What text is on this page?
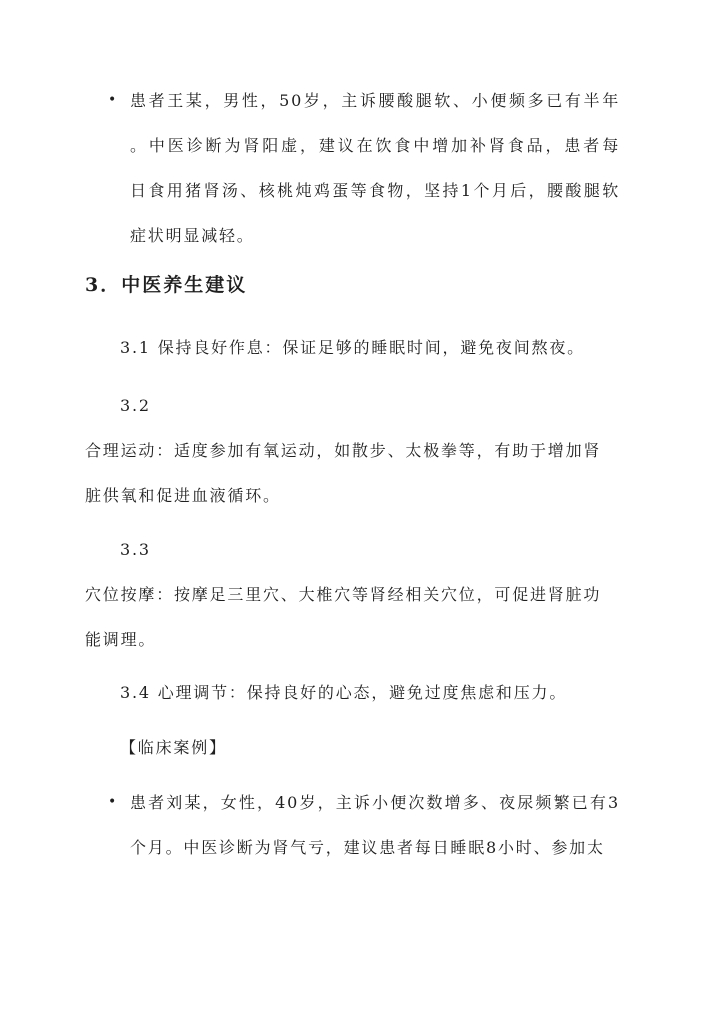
• 患者王某，男性，50岁，主诉腰酸腿软、小便频多已有半年
。中医诊断为肾阳虚，建议在饮食中增加补肾食品，患者每
日食用猪肾汤、核桃炖鸡蛋等食物，坚持1个月后，腰酸腿软
症状明显减轻。
3．中医养生建议
3.1 保持良好作息：保证足够的睡眠时间，避免夜间熬夜。
3.2
合理运动：适度参加有氧运动，如散步、太极拳等，有助于增加肾
脏供氧和促进血液循环。
3.3
穴位按摩：按摩足三里穴、大椎穴等肾经相关穴位，可促进肾脏功
能调理。
3.4 心理调节：保持良好的心态，避免过度焦虑和压力。
【临床案例】
• 患者刘某，女性，40岁，主诉小便次数增多、夜尿频繁已有3
个月。中医诊断为肾气亏，建议患者每日睡眠8小时、参加太
